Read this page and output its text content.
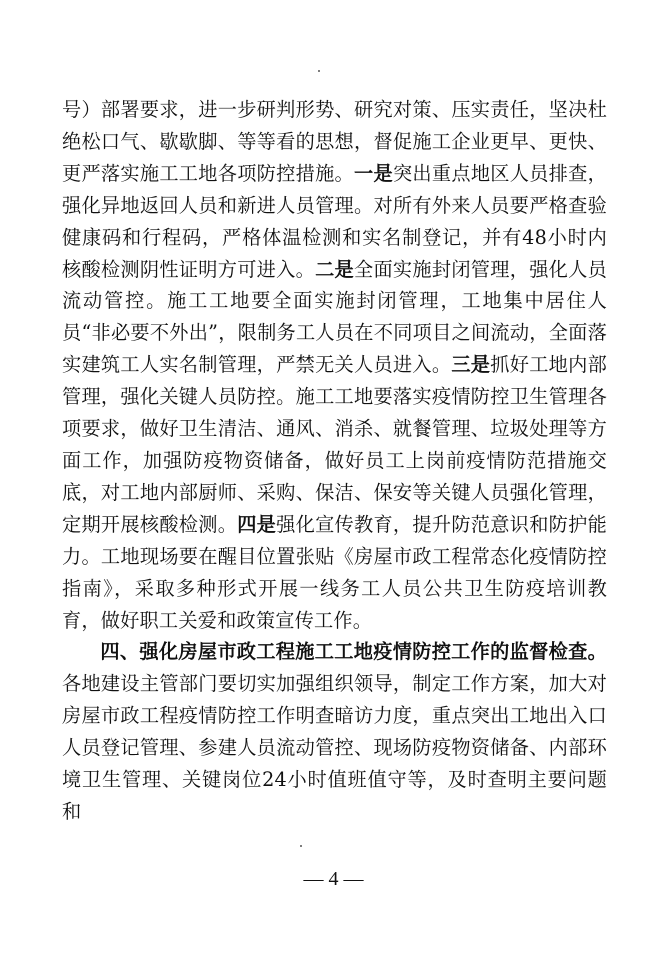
号）部署要求，进一步研判形势、研究对策、压实责任，坚决杜绝松口气、歇歇脚、等等看的思想，督促施工企业更早、更快、更严落实施工工地各项防控措施。一是突出重点地区人员排查，强化异地返回人员和新进人员管理。对所有外来人员要严格查验健康码和行程码，严格体温检测和实名制登记，并有48小时内核酸检测阴性证明方可进入。二是全面实施封闭管理，强化人员流动管控。施工工地要全面实施封闭管理，工地集中居住人员“非必要不外出”，限制务工人员在不同项目之间流动，全面落实建筑工人实名制管理，严禁无关人员进入。三是抓好工地内部管理，强化关键人员防控。施工工地要落实疫情防控卫生管理各项要求，做好卫生清洁、通风、消杀、就餐管理、垃圾处理等方面工作，加强防疫物资储备，做好员工上岗前疫情防范措施交底，对工地内部厨师、采购、保洁、保安等关键人员强化管理，定期开展核酸检测。四是强化宣传教育，提升防范意识和防护能力。工地现场要在醒目位置张贴《房屋市政工程常态化疫情防控指南》，采取多种形式开展一线务工人员公共卫生防疫培训教育，做好职工关爱和政策宣传工作。

四、强化房屋市政工程施工工地疫情防控工作的监督检查。各地建设主管部门要切实加强组织领导，制定工作方案，加大对房屋市政工程疫情防控工作明查暗访力度，重点突出工地出入口人员登记管理、参建人员流动管控、现场防疫物资储备、内部环境卫生管理、关键岗位24小时值班值守等，及时查明主要问题和

— 4 —
